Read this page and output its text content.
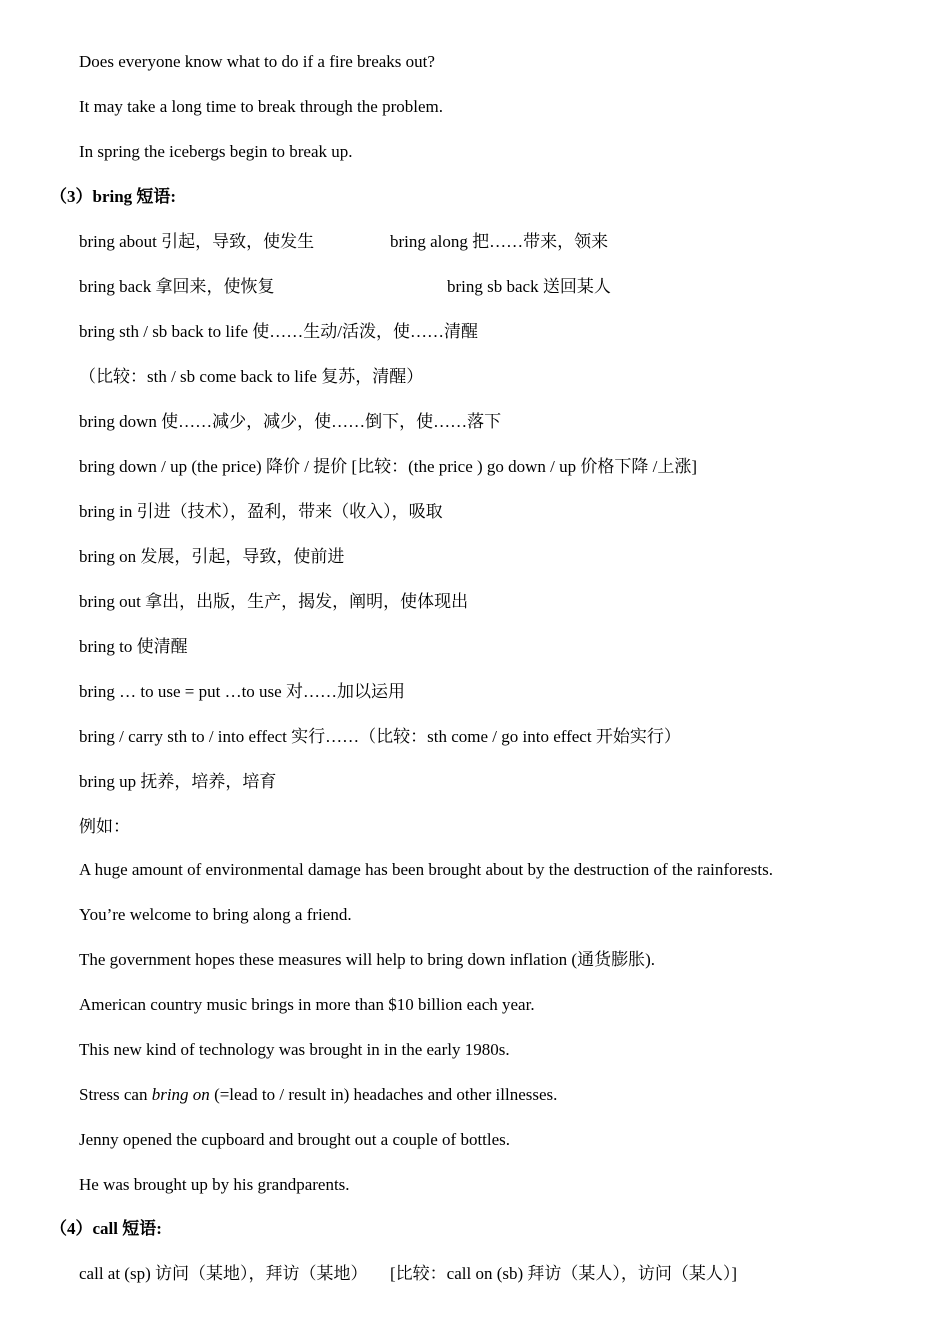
Does everyone know what to do if a fire breaks out?
It may take a long time to break through the problem.
In spring the icebergs begin to break up.
（3）bring 短语:
bring about 引起，导致，使发生	bring along 把……带来，领来
bring back 拿回来，使恢复	bring sb back 送回某人
bring sth / sb back to life 使……生动/活泼，使……清醒
（比较：sth / sb come back to life 复苏，清醒）
bring down 使……减少，减少，使……倒下，使……落下
bring down / up (the price) 降价 / 提价 [比较：(the price ) go down / up 价格下降 /上涨]
bring in 引进（技术），盈利，带来（收入），吸取
bring on 发展，引起，导致，使前进
bring out 拿出，出版，生产，揭发，阐明，使体现出
bring to 使清醒
bring … to use = put …to use 对……加以运用
bring / carry sth to / into effect 实行……（比较：sth come / go into effect 开始实行）
bring up 抚养，培养，培育
例如：
A huge amount of environmental damage has been brought about by the destruction of the rainforests.
You’re welcome to bring along a friend.
The government hopes these measures will help to bring down inflation (通货膨胀).
American country music brings in more than $10 billion each year.
This new kind of technology was brought in in the early 1980s.
Stress can bring on (=lead to / result in) headaches and other illnesses.
Jenny opened the cupboard and brought out a couple of bottles.
He was brought up by his grandparents.
（4）call 短语:
call at (sp) 访问（某地），拜访（某地） [比较：call on (sb) 拜访（某人），访问（某人）]
